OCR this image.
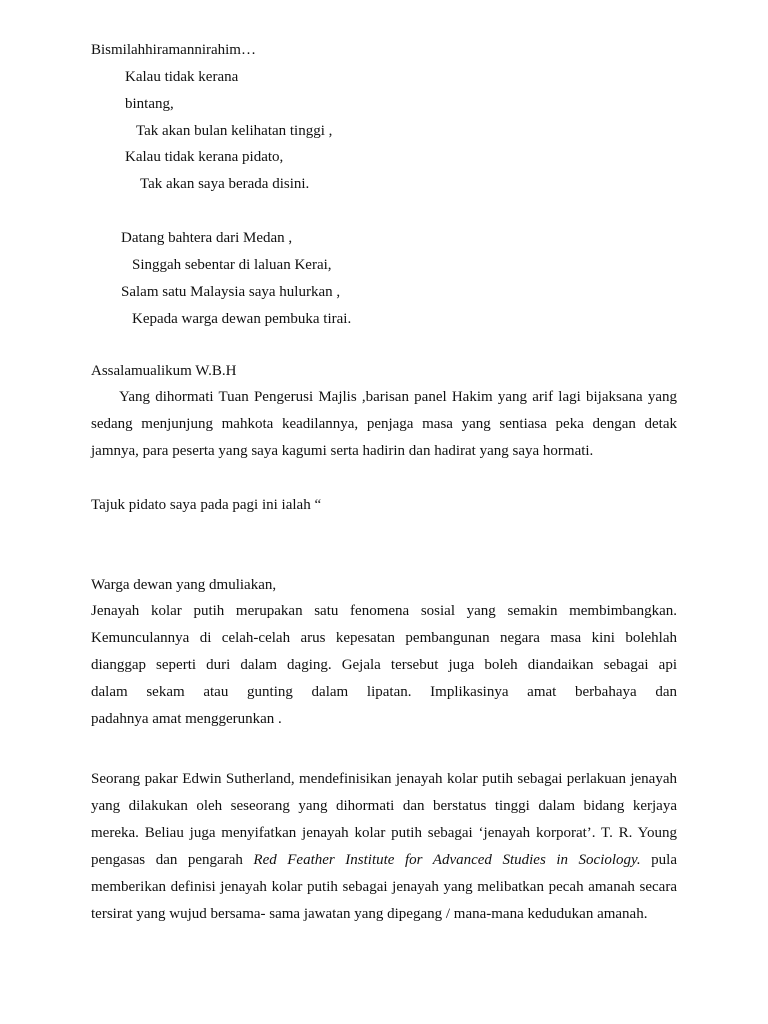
Bismilahhiramannirahim…
Kalau tidak kerana
bintang,
Tak akan bulan kelihatan tinggi ,
Kalau tidak kerana pidato,
Tak akan saya berada disini.
Datang bahtera dari Medan ,
Singgah sebentar di laluan Kerai,
Salam satu Malaysia saya hulurkan ,
Kepada warga dewan pembuka tirai.
Assalamualikum W.B.H
Yang dihormati Tuan Pengerusi Majlis ,barisan panel Hakim yang arif lagi bijaksana yang
sedang menjunjung mahkota keadilannya, penjaga masa yang sentiasa peka dengan detak
jamnya, para peserta yang saya kagumi serta hadirin dan hadirat yang saya hormati.
Tajuk pidato saya pada pagi ini ialah “
Warga dewan yang dmuliakan,
Jenayah kolar putih merupakan satu fenomena sosial yang semakin membimbangkan.
Kemunculannya di celah-celah arus kepesatan pembangunan negara masa kini bolehlah
dianggap seperti duri dalam daging. Gejala tersebut juga boleh diandaikan sebagai api
dalam sekam atau gunting dalam lipatan. Implikasinya amat berbahaya dan
padahnya amat menggerunkan .
Seorang pakar Edwin Sutherland, mendefinisikan jenayah kolar putih sebagai perlakuan jenayah
yang dilakukan oleh seseorang yang dihormati dan berstatus tinggi dalam bidang kerjaya
mereka. Beliau juga menyifatkan jenayah kolar putih sebagai ‘jenayah korporat’. T. R. Young
pengasas dan pengarah Red Feather Institute for Advanced Studies in Sociology. pula
memberikan definisi jenayah kolar putih sebagai jenayah yang melibatkan pecah amanah secara
tersirat yang wujud bersama- sama jawatan yang dipegang / mana-mana kedudukan amanah.
